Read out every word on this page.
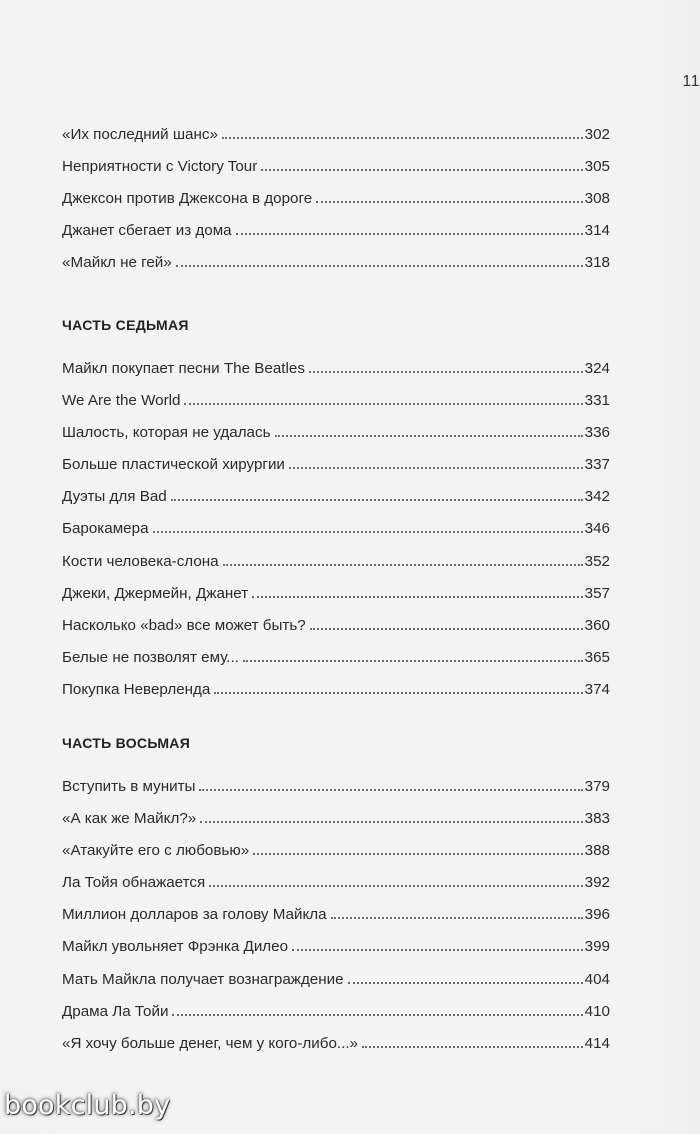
11
«Их последний шанс»	302
Неприятности с Victory Tour	305
Джексон против Джексона в дороге	308
Джанет сбегает из дома	314
«Майкл не гей»	318
ЧАСТЬ СЕДЬМАЯ
Майкл покупает песни The Beatles	324
We Are the World	331
Шалость, которая не удалась	336
Больше пластической хирургии	337
Дуэты для Bad	342
Барокамера	346
Кости человека-слона	352
Джеки, Джермейн, Джанет	357
Насколько «bad» все может быть?	360
Белые не позволят ему...	365
Покупка Неверленда	374
ЧАСТЬ ВОСЬМАЯ
Вступить в муниты	379
«А как же Майкл?»	383
«Атакуйте его с любовью»	388
Ла Тойя обнажается	392
Миллион долларов за голову Майкла	396
Майкл увольняет Фрэнка Дилео	399
Мать Майкла получает вознаграждение	404
Драма Ла Тойи	410
«Я хочу больше денег, чем у кого-либо...»	414
bookclub.by
